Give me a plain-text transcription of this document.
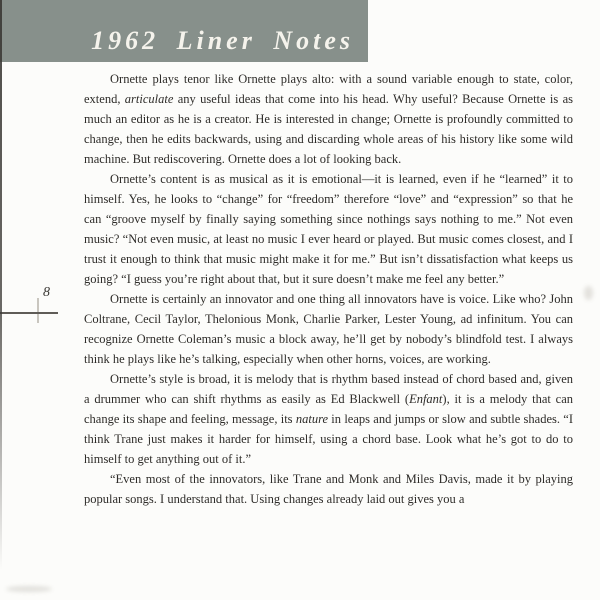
1962 Liner Notes
8

Ornette plays tenor like Ornette plays alto: with a sound variable enough to state, color, extend, articulate any useful ideas that come into his head. Why useful? Because Ornette is as much an editor as he is a creator. He is interested in change; Ornette is profoundly committed to change, then he edits backwards, using and discarding whole areas of his history like some wild machine. But rediscovering. Ornette does a lot of looking back.

Ornette’s content is as musical as it is emotional—it is learned, even if he “learned” it to himself. Yes, he looks to “change” for “freedom” therefore “love” and “expression” so that he can “groove myself by finally saying something since nothings says nothing to me.” Not even music? “Not even music, at least no music I ever heard or played. But music comes closest, and I trust it enough to think that music might make it for me.” But isn’t dissatisfaction what keeps us going? “I guess you’re right about that, but it sure doesn’t make me feel any better.”

Ornette is certainly an innovator and one thing all innovators have is voice. Like who? John Coltrane, Cecil Taylor, Thelonious Monk, Charlie Parker, Lester Young, ad infinitum. You can recognize Ornette Coleman’s music a block away, he’ll get by nobody’s blindfold test. I always think he plays like he’s talking, especially when other horns, voices, are working.

Ornette’s style is broad, it is melody that is rhythm based instead of chord based and, given a drummer who can shift rhythms as easily as Ed Blackwell (Enfant), it is a melody that can change its shape and feeling, message, its nature in leaps and jumps or slow and subtle shades. “I think Trane just makes it harder for himself, using a chord base. Look what he’s got to do to himself to get anything out of it.”

“Even most of the innovators, like Trane and Monk and Miles Davis, made it by playing popular songs. I understand that. Using changes already laid out gives you a
